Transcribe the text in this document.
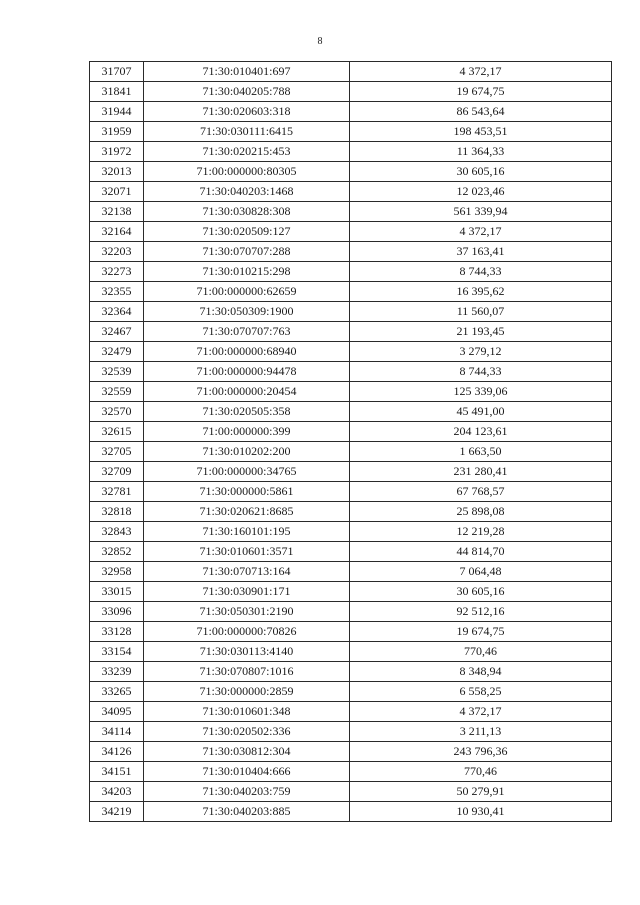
8
31707	71:30:010401:697	4 372,17
31841	71:30:040205:788	19 674,75
31944	71:30:020603:318	86 543,64
31959	71:30:030111:6415	198 453,51
31972	71:30:020215:453	11 364,33
32013	71:00:000000:80305	30 605,16
32071	71:30:040203:1468	12 023,46
32138	71:30:030828:308	561 339,94
32164	71:30:020509:127	4 372,17
32203	71:30:070707:288	37 163,41
32273	71:30:010215:298	8 744,33
32355	71:00:000000:62659	16 395,62
32364	71:30:050309:1900	11 560,07
32467	71:30:070707:763	21 193,45
32479	71:00:000000:68940	3 279,12
32539	71:00:000000:94478	8 744,33
32559	71:00:000000:20454	125 339,06
32570	71:30:020505:358	45 491,00
32615	71:00:000000:399	204 123,61
32705	71:30:010202:200	1 663,50
32709	71:00:000000:34765	231 280,41
32781	71:30:000000:5861	67 768,57
32818	71:30:020621:8685	25 898,08
32843	71:30:160101:195	12 219,28
32852	71:30:010601:3571	44 814,70
32958	71:30:070713:164	7 064,48
33015	71:30:030901:171	30 605,16
33096	71:30:050301:2190	92 512,16
33128	71:00:000000:70826	19 674,75
33154	71:30:030113:4140	770,46
33239	71:30:070807:1016	8 348,94
33265	71:30:000000:2859	6 558,25
34095	71:30:010601:348	4 372,17
34114	71:30:020502:336	3 211,13
34126	71:30:030812:304	243 796,36
34151	71:30:010404:666	770,46
34203	71:30:040203:759	50 279,91
34219	71:30:040203:885	10 930,41
